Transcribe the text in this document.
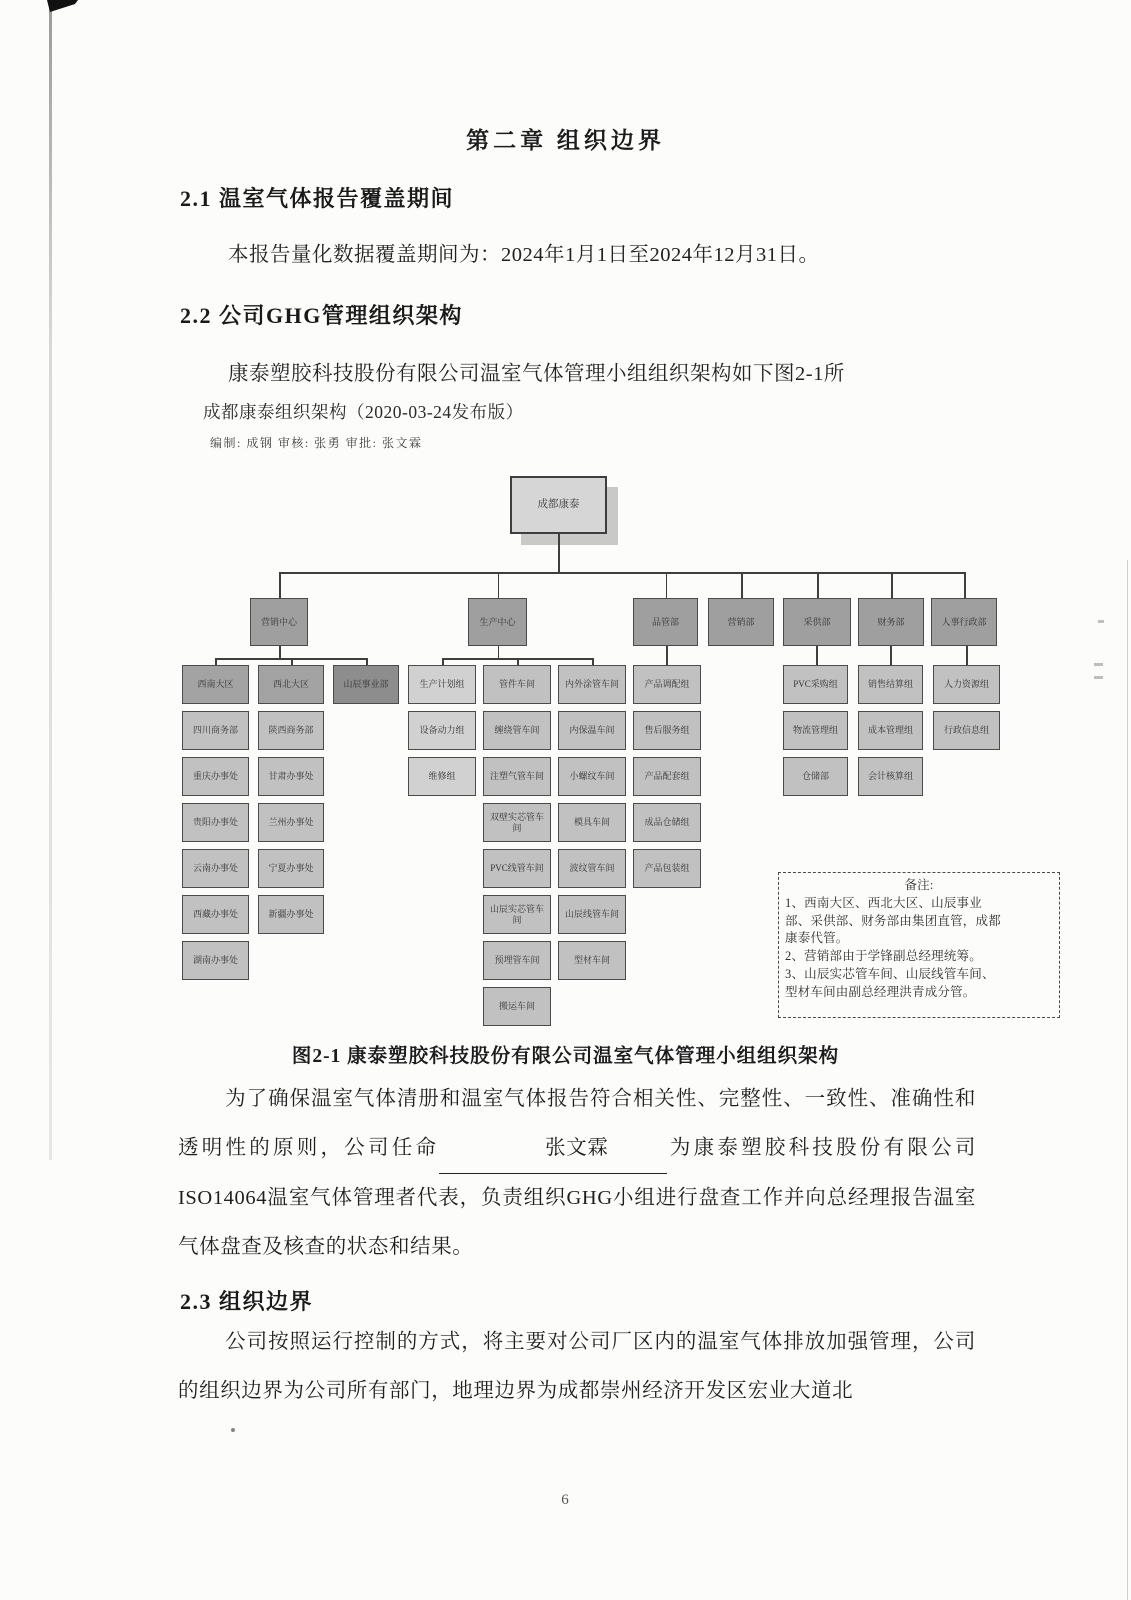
第二章 组织边界
2.1 温室气体报告覆盖期间
本报告量化数据覆盖期间为：2024年1月1日至2024年12月31日。
2.2 公司GHG管理组织架构
康泰塑胶科技股份有限公司温室气体管理小组组织架构如下图2-1所
成都康泰组织架构（2020-03-24发布版）
编制: 成钢 审核: 张勇 审批: 张文霖
成都康泰
营销中心	生产中心	品管部	营销部	采供部	财务部	人事行政部
西南大区
四川商务部
重庆办事处
贵阳办事处
云南办事处
西藏办事处
湖南办事处
西北大区
陕西商务部
甘肃办事处
兰州办事处
宁夏办事处
新疆办事处
山辰事业部	生产计划组
设备动力组
维修组
管件车间
缠绕管车间
注塑气管车间
双壁实芯管车间
PVC线管车间
山辰实芯管车间
预埋管车间
搬运车间
内外涂管车间
内保温车间
小螺纹车间
模具车间
波纹管车间
山辰线管车间
型材车间
产品调配组
售后服务组
产品配套组
成品仓储组
产品包装组
PVC采购组
物流管理组
仓储部
销售结算组
成本管理组
会计核算组
人力资源组
行政信息组
备注:
1、西南大区、西北大区、山辰事业
部、采供部、财务部由集团直管，成都
康泰代管。
2、营销部由于学锋副总经理统筹。
3、山辰实芯管车间、山辰线管车间、
型材车间由副总经理洪青成分管。
图2-1 康泰塑胶科技股份有限公司温室气体管理小组组织架构
为了确保温室气体清册和温室气体报告符合相关性、完整性、一致性、准确性和透明性的原则，公司任命	张文霖	为康泰塑胶科技股份有限公司ISO14064温室气体管理者代表，负责组织GHG小组进行盘查工作并向总经理报告温室气体盘查及核查的状态和结果。
2.3 组织边界
公司按照运行控制的方式，将主要对公司厂区内的温室气体排放加强管理，公司的组织边界为公司所有部门，地理边界为成都崇州经济开发区宏业大道北
6
